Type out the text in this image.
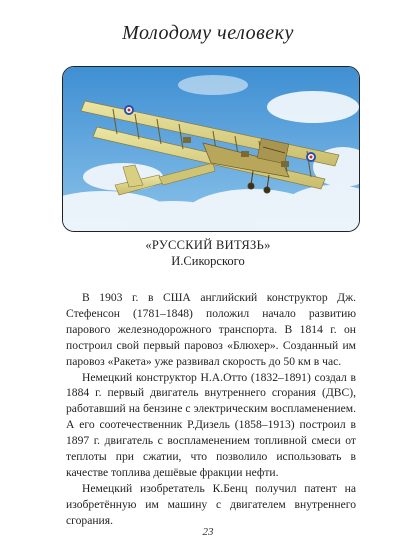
Молодому человеку
«РУССКИЙ ВИТЯЗЬ»
И.Сикорского

В 1903 г. в США английский конструктор Дж. Стефенсон (1781–1848) положил начало развитию парового железнодорожного транспорта. В 1814 г. он построил свой первый паровоз «Блюхер». Созданный им паровоз «Ракета» уже развивал скорость до 50 км в час.

Немецкий конструктор Н.А.Отто (1832–1891) создал в 1884 г. первый двигатель внутреннего сгорания (ДВС), работавший на бензине с электрическим воспламенением. А его соотечественник Р.Дизель (1858–1913) построил в 1897 г. двигатель с воспламенением топливной смеси от теплоты при сжатии, что позволило использовать в качестве топлива дешёвые фракции нефти.

Немецкий изобретатель К.Бенц получил патент на изобретённую им машину с двигателем внутреннего сгорания.

23
